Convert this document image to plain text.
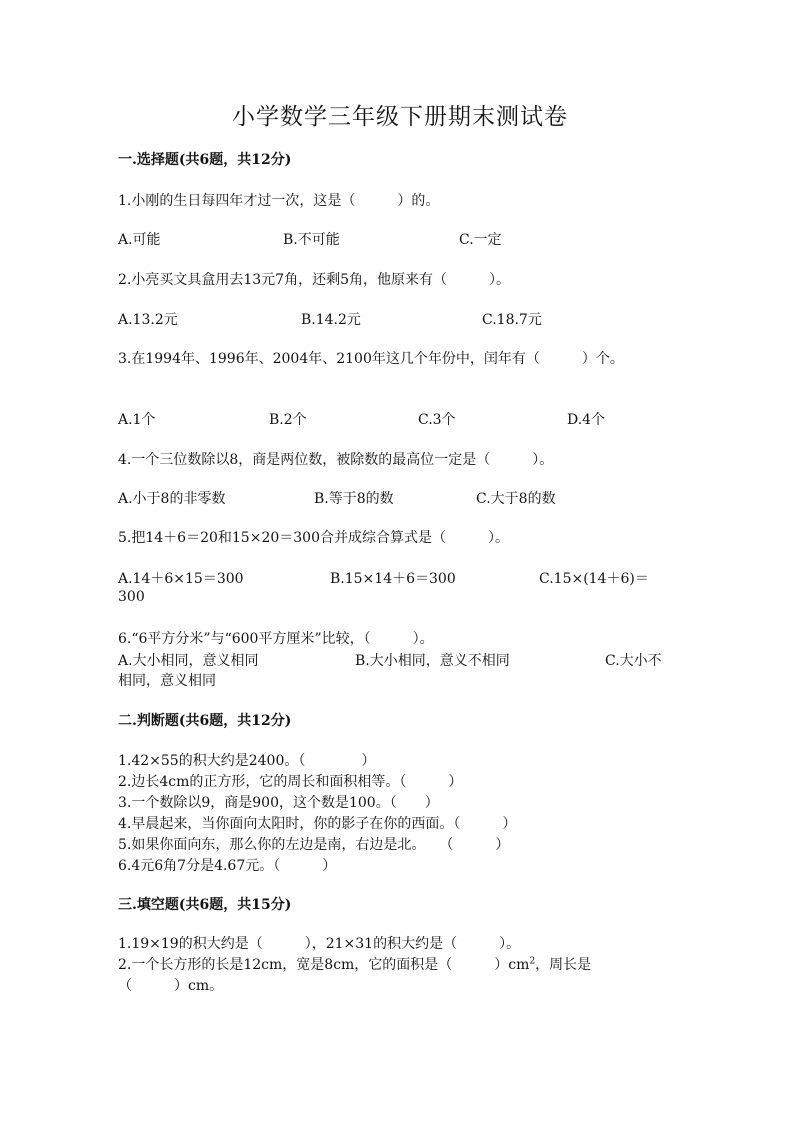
小学数学三年级下册期末测试卷
一.选择题(共6题，共12分)
1.小刚的生日每四年才过一次，这是（　　　）的。
A.可能	B.不可能	C.一定
2.小亮买文具盒用去13元7角，还剩5角，他原来有（　　　）。
A.13.2元	B.14.2元	C.18.7元
3.在1994年、1996年、2004年、2100年这几个年份中，闰年有（　　　）个。
A.1个	B.2个	C.3个	D.4个
4.一个三位数除以8，商是两位数，被除数的最高位一定是（　　　）。
A.小于8的非零数	B.等于8的数	C.大于8的数
5.把14＋6＝20和15×20＝300合并成综合算式是（　　　）。
A.14＋6×15＝300	B.15×14＋6＝300	C.15×(14＋6)＝
300
6.“6平方分米”与“600平方厘米”比较，（　　　）。
A.大小相同，意义相同	B.大小相同，意义不相同	C.大小不
相同，意义相同
二.判断题(共6题，共12分)
1.42×55的积大约是2400。（　　　　）
2.边长4cm的正方形，它的周长和面积相等。（　　　）
3.一个数除以9，商是900，这个数是100。（　　）
4.早晨起来，当你面向太阳时，你的影子在你的西面。（　　　）
5.如果你面向东，那么你的左边是南，右边是北。　　（　　　）
6.4元6角7分是4.67元。（　　　）
三.填空题(共6题，共15分)
1.19×19的积大约是（　　　），21×31的积大约是（　　　）。
2.一个长方形的长是12cm，宽是8cm，它的面积是（　　　）$cm^2$，周长是
（　　　）cm。
